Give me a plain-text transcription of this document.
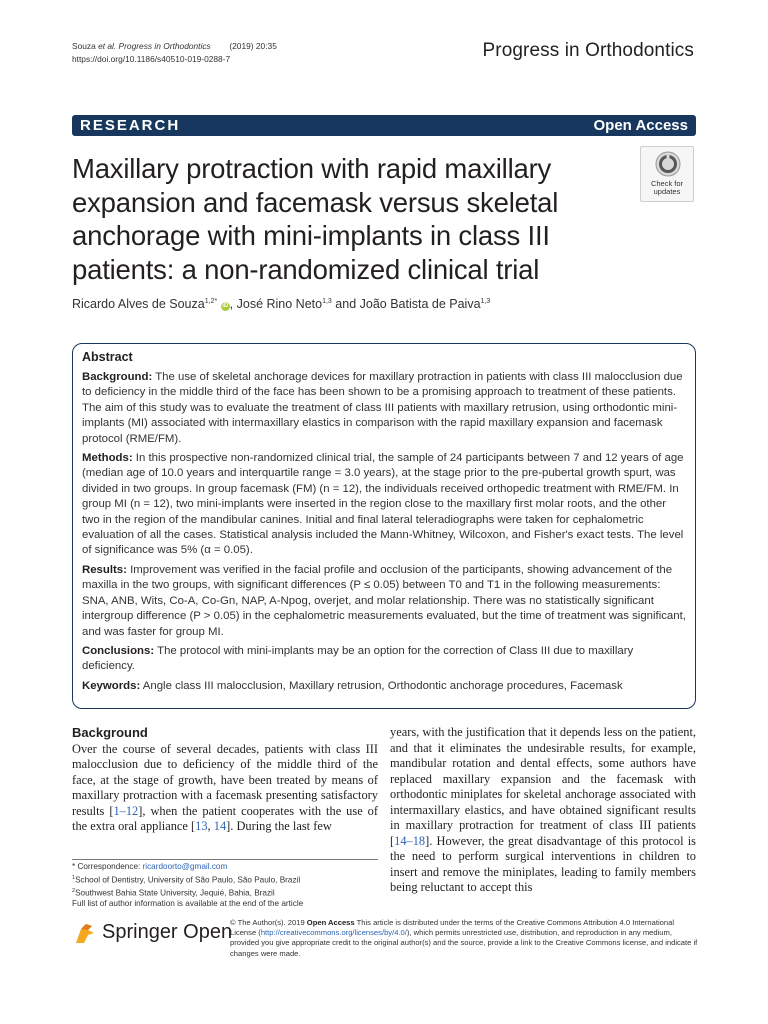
Souza et al. Progress in Orthodontics (2019) 20:35
https://doi.org/10.1186/s40510-019-0288-7	Progress in Orthodontics
RESEARCH	Open Access
Maxillary protraction with rapid maxillary expansion and facemask versus skeletal anchorage with mini-implants in class III patients: a non-randomized clinical trial
Check for
updates
Ricardo Alves de Souza$^{1,2*}$ iD , José Rino Neto$^{1,3}$ and João Batista de Paiva$^{1,3}$
Abstract

Background: The use of skeletal anchorage devices for maxillary protraction in patients with class III malocclusion due to deficiency in the middle third of the face has been shown to be a promising approach to treatment of these patients. The aim of this study was to evaluate the treatment of class III patients with maxillary retrusion, using orthodontic mini-implants (MI) associated with intermaxillary elastics in comparison with the rapid maxillary expansion and facemask protocol (RME/FM).

Methods: In this prospective non-randomized clinical trial, the sample of 24 participants between 7 and 12 years of age (median age of 10.0 years and interquartile range = 3.0 years), at the stage prior to the pre-pubertal growth spurt, was divided in two groups. In group facemask (FM) (n = 12), the individuals received orthopedic treatment with RME/FM. In group MI (n = 12), two mini-implants were inserted in the region close to the maxillary first molar roots, and the other two in the region of the mandibular canines. Initial and final lateral teleradiographs were taken for cephalometric evaluation of all the cases. Statistical analysis included the Mann-Whitney, Wilcoxon, and Fisher's exact tests. The level of significance was 5% (α = 0.05).

Results: Improvement was verified in the facial profile and occlusion of the participants, showing advancement of the maxilla in the two groups, with significant differences (P ≤ 0.05) between T0 and T1 in the following measurements: SNA, ANB, Wits, Co-A, Co-Gn, NAP, A-Npog, overjet, and molar relationship. There was no statistically significant intergroup difference (P > 0.05) in the cephalometric measurements evaluated, but the time of treatment was significant, and was faster for group MI.

Conclusions: The protocol with mini-implants may be an option for the correction of Class III due to maxillary deficiency.

Keywords: Angle class III malocclusion, Maxillary retrusion, Orthodontic anchorage procedures, Facemask

Background

Over the course of several decades, patients with class III malocclusion due to deficiency of the middle third of the face, at the stage of growth, have been treated by means of maxillary protraction with a facemask presenting satisfactory results [1–12], when the patient cooperates with the use of the extra oral appliance [13, 14]. During the last few

years, with the justification that it depends less on the patient, and that it eliminates the undesirable results, for example, mandibular rotation and dental effects, some authors have replaced maxillary expansion and the facemask with orthodontic miniplates for skeletal anchorage associated with intermaxillary elastics, and have obtained significant results in maxillary protraction for treatment of class III patients [14–18]. However, the great disadvantage of this protocol is the need to perform surgical interventions in children to insert and remove the miniplates, leading to family members being reluctant to accept this

* Correspondence: ricardoorto@gmail.com
$^1$School of Dentistry, University of São Paulo, São Paulo, Brazil
$^2$Southwest Bahia State University, Jequié, Bahia, Brazil
Full list of author information is available at the end of the article
Springer Open
© The Author(s). 2019 Open Access This article is distributed under the terms of the Creative Commons Attribution 4.0 International License (http://creativecommons.org/licenses/by/4.0/), which permits unrestricted use, distribution, and reproduction in any medium, provided you give appropriate credit to the original author(s) and the source, provide a link to the Creative Commons license, and indicate if changes were made.
